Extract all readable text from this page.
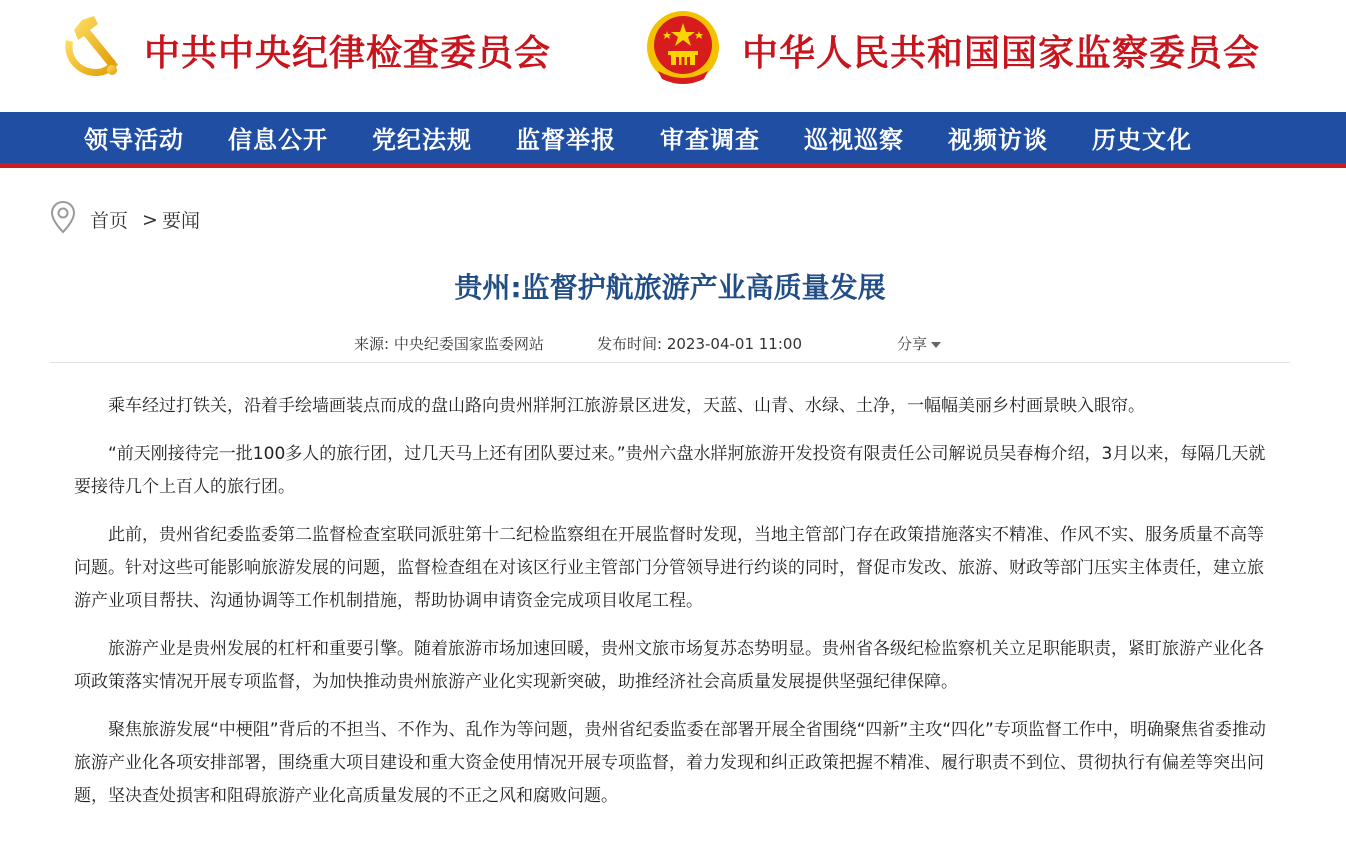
中共中央纪律检查委员会	中华人民共和国国家监察委员会
领导活动 信息公开 党纪法规 监督举报 审查调查 巡视巡察 视频访谈 历史文化
首页 > 要闻
贵州:监督护航旅游产业高质量发展
来源: 中央纪委国家监委网站	发布时间: 2023-04-01 11:00	分享

乘车经过打铁关，沿着手绘墙画装点而成的盘山路向贵州牂牁江旅游景区进发，天蓝、山青、水绿、土净，一幅幅美丽乡村画景映入眼帘。

“前天刚接待完一批100多人的旅行团，过几天马上还有团队要过来。”贵州六盘水牂牁旅游开发投资有限责任公司解说员吴春梅介绍，3月以来，每隔几天就要接待几个上百人的旅行团。

此前，贵州省纪委监委第二监督检查室联同派驻第十二纪检监察组在开展监督时发现，当地主管部门存在政策措施落实不精准、作风不实、服务质量不高等问题。针对这些可能影响旅游发展的问题，监督检查组在对该区行业主管部门分管领导进行约谈的同时，督促市发改、旅游、财政等部门压实主体责任，建立旅游产业项目帮扶、沟通协调等工作机制措施，帮助协调申请资金完成项目收尾工程。

旅游产业是贵州发展的杠杆和重要引擎。随着旅游市场加速回暖，贵州文旅市场复苏态势明显。贵州省各级纪检监察机关立足职能职责，紧盯旅游产业化各项政策落实情况开展专项监督，为加快推动贵州旅游产业化实现新突破，助推经济社会高质量发展提供坚强纪律保障。

聚焦旅游发展“中梗阻”背后的不担当、不作为、乱作为等问题，贵州省纪委监委在部署开展全省围绕“四新”主攻“四化”专项监督工作中，明确聚焦省委推动旅游产业化各项安排部署，围绕重大项目建设和重大资金使用情况开展专项监督，着力发现和纠正政策把握不精准、履行职责不到位、贯彻执行有偏差等突出问题，坚决查处损害和阻碍旅游产业化高质量发展的不正之风和腐败问题。
